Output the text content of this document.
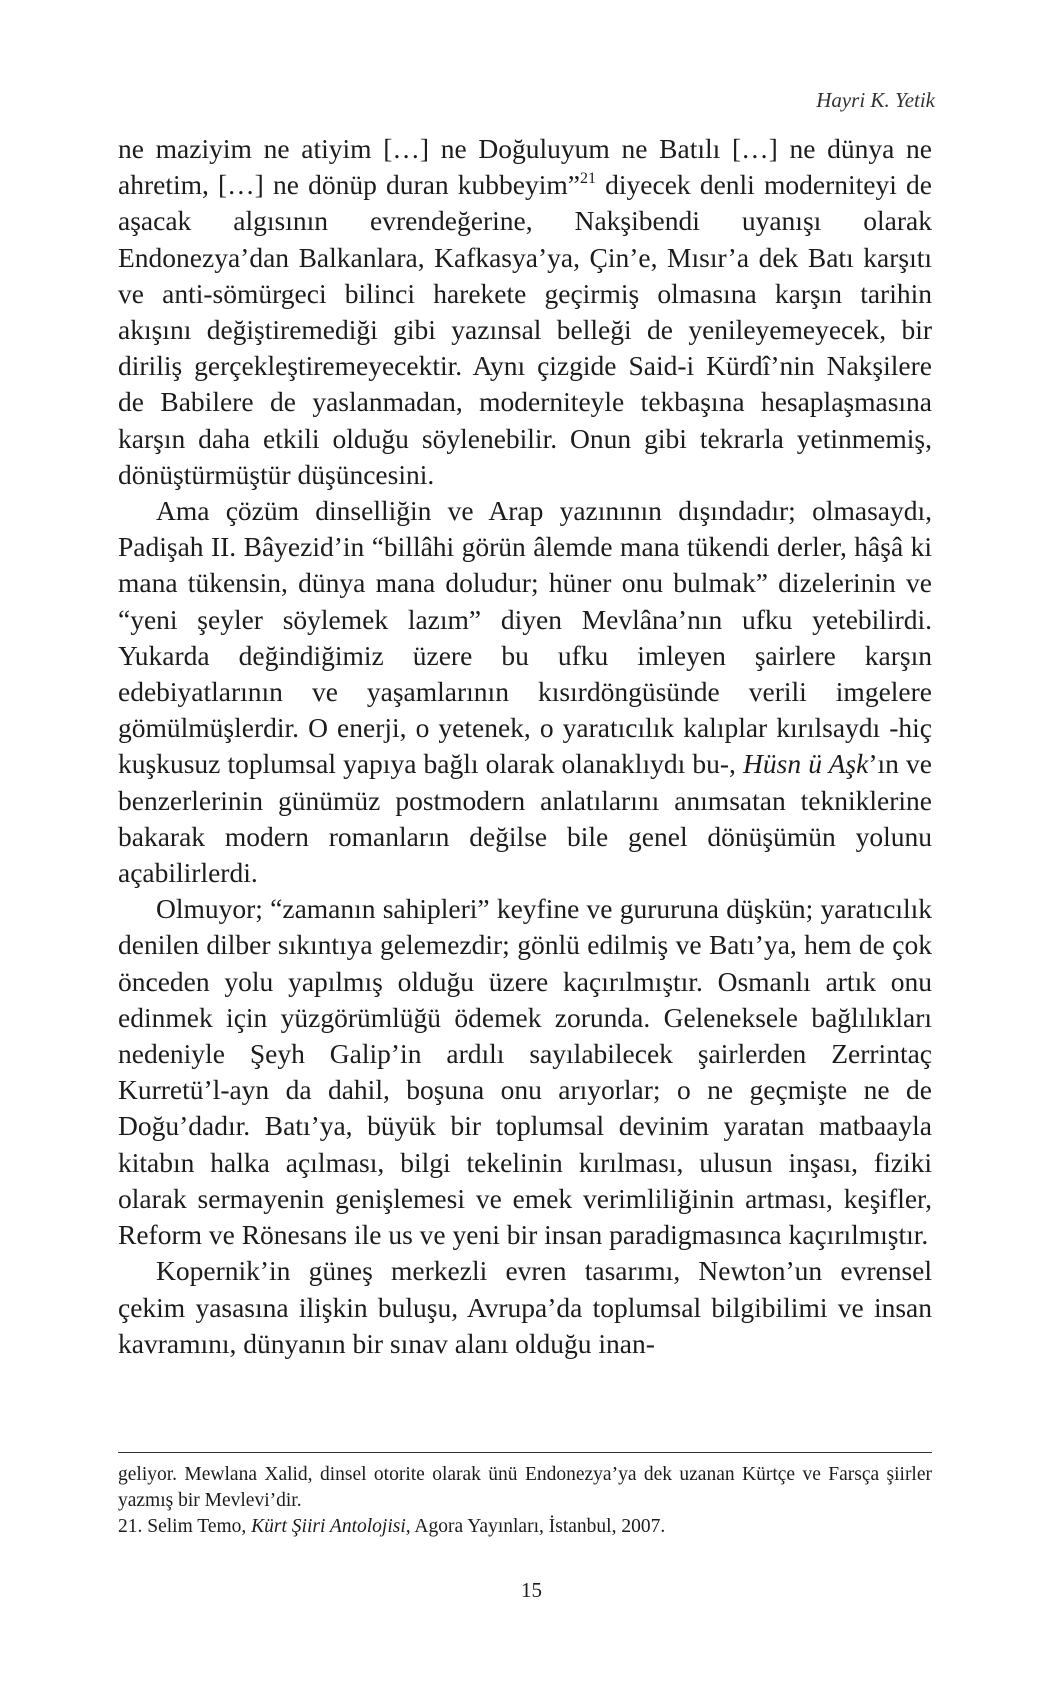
Hayri K. Yetik

ne maziyim ne atiyim […] ne Doğuluyum ne Batılı […] ne dünya ne ahretim, […] ne dönüp duran kubbeyim”$^{21}$ diyecek denli moderniteyi de aşacak algısının evrendeğerine, Nakşibendi uyanışı olarak Endonezya’dan Balkanlara, Kafkasya’ya, Çin’e, Mısır’a dek Batı karşıtı ve anti-sömürgeci bilinci harekete geçirmiş olmasına karşın tarihin akışını değiştiremediği gibi yazınsal belleği de yenileyemeyecek, bir diriliş gerçekleştiremeyecektir. Aynı çizgide Said-i Kürdî’nin Nakşilere de Babilere de yaslanmadan, moderniteyle tekbaşına hesaplaşmasına karşın daha etkili olduğu söylenebilir. Onun gibi tekrarla yetinmemiş, dönüştürmüştür düşüncesini.

Ama çözüm dinselliğin ve Arap yazınının dışındadır; olmasaydı, Padişah II. Bâyezid’in “billâhi görün âlemde mana tükendi derler, hâşâ ki mana tükensin, dünya mana doludur; hüner onu bulmak” dizelerinin ve “yeni şeyler söylemek lazım” diyen Mevlâna’nın ufku yetebilirdi. Yukarda değindiğimiz üzere bu ufku imleyen şairlere karşın edebiyatlarının ve yaşamlarının kısırdöngüsünde verili imgelere gömülmüşlerdir. O enerji, o yetenek, o yaratıcılık kalıplar kırılsaydı -hiç kuşkusuz toplumsal yapıya bağlı olarak olanaklıydı bu-, Hüsn ü Aşk’ın ve benzerlerinin günümüz postmodern anlatılarını anımsatan tekniklerine bakarak modern romanların değilse bile genel dönüşümün yolunu açabilirlerdi.

Olmuyor; “zamanın sahipleri” keyfine ve gururuna düşkün; yaratıcılık denilen dilber sıkıntıya gelemezdir; gönlü edilmiş ve Batı’ya, hem de çok önceden yolu yapılmış olduğu üzere kaçırılmıştır. Osmanlı artık onu edinmek için yüzgörümlüğü ödemek zorunda. Geleneksele bağlılıkları nedeniyle Şeyh Galip’in ardılı sayılabilecek şairlerden Zerrintaç Kurretü’l-ayn da dahil, boşuna onu arıyorlar; o ne geçmişte ne de Doğu’dadır. Batı’ya, büyük bir toplumsal devinim yaratan matbaayla kitabın halka açılması, bilgi tekelinin kırılması, ulusun inşası, fiziki olarak sermayenin genişlemesi ve emek verimliliğinin artması, keşifler, Reform ve Rönesans ile us ve yeni bir insan paradigmasınca kaçırılmıştır.

Kopernik’in güneş merkezli evren tasarımı, Newton’un evrensel çekim yasasına ilişkin buluşu, Avrupa’da toplumsal bilgibilimi ve insan kavramını, dünyanın bir sınav alanı olduğu inan-

geliyor. Mewlana Xalid, dinsel otorite olarak ünü Endonezya’ya dek uzanan Kürtçe ve Farsça şiirler yazmış bir Mevlevi’dir.

21. Selim Temo, Kürt Şiiri Antolojisi, Agora Yayınları, İstanbul, 2007.

15
